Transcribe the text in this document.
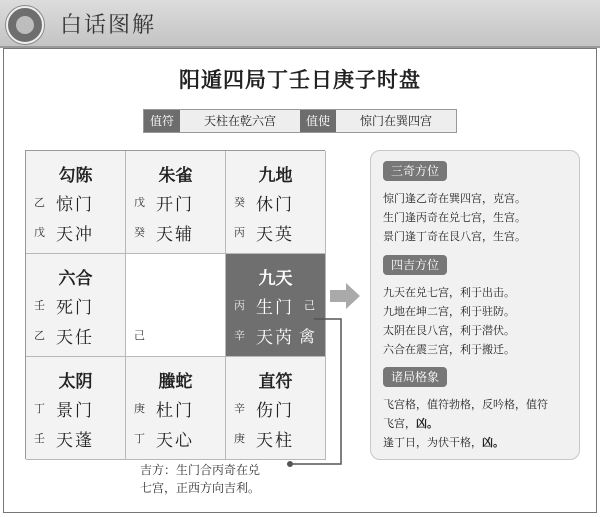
白话图解
阳遁四局丁壬日庚子时盘
值符	天柱在乾六宫	值使	惊门在巽四宫
勾陈
乙 惊门
戊 天冲
朱雀
戊 开门
癸 天辅
九地
癸 休门
丙 天英
六合
壬 死门
乙 天任	己
九天
丙 生门 己
辛 天芮 禽
太阴
丁 景门
壬 天蓬
螣蛇
庚 杜门
丁 天心
直符
辛 伤门
庚 天柱
吉方：生门合丙奇在兑
七宫，正西方向吉利。
三奇方位
惊门逢乙奇在巽四宫，克宫。
生门逢丙奇在兑七宫，生宫。
景门逢丁奇在艮八宫，生宫。
四吉方位
九天在兑七宫，利于出击。
九地在坤二宫，利于驻防。
太阴在艮八宫，利于潜伏。
六合在震三宫，利于搬迁。
诸局格象
飞宫格，值符勃格，反吟格，值符
飞宫，凶。
逢丁日，为伏干格，凶。
